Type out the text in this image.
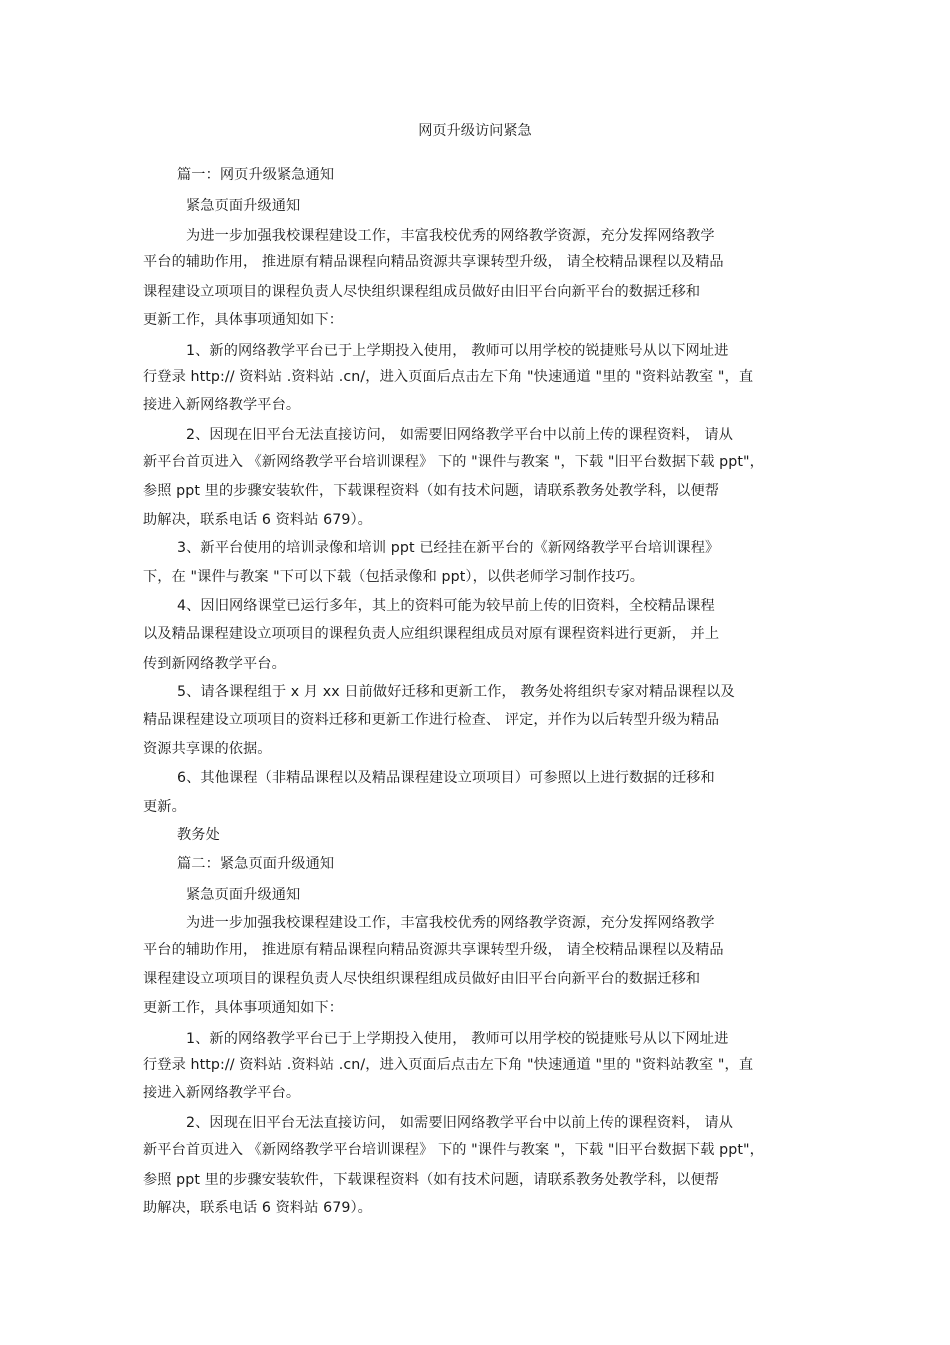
网页升级访问紧急
篇一：网页升级紧急通知
紧急页面升级通知
为进一步加强我校课程建设工作，丰富我校优秀的网络教学资源，充分发挥网络教学
平台的辅助作用， 推进原有精品课程向精品资源共享课转型升级， 请全校精品课程以及精品
课程建设立项项目的课程负责人尽快组织课程组成员做好由旧平台向新平台的数据迁移和
更新工作，具体事项通知如下：
1、新的网络教学平台已于上学期投入使用， 教师可以用学校的锐捷账号从以下网址进
行登录 http:// 资料站 .资料站 .cn/，进入页面后点击左下角 "快速通道 "里的 "资料站教室 "，直
接进入新网络教学平台。
2、因现在旧平台无法直接访问， 如需要旧网络教学平台中以前上传的课程资料， 请从
新平台首页进入 《新网络教学平台培训课程》 下的 "课件与教案 "，下载 "旧平台数据下载 ppt"，
参照 ppt 里的步骤安装软件，下载课程资料（如有技术问题，请联系教务处教学科，以便帮
助解决，联系电话 6 资料站 679）。
3、新平台使用的培训录像和培训 ppt 已经挂在新平台的《新网络教学平台培训课程》
下，在 "课件与教案 "下可以下载（包括录像和 ppt），以供老师学习制作技巧。
4、因旧网络课堂已运行多年，其上的资料可能为较早前上传的旧资料，全校精品课程
以及精品课程建设立项项目的课程负责人应组织课程组成员对原有课程资料进行更新， 并上
传到新网络教学平台。
5、请各课程组于 x 月 xx 日前做好迁移和更新工作， 教务处将组织专家对精品课程以及
精品课程建设立项项目的资料迁移和更新工作进行检查、 评定，并作为以后转型升级为精品
资源共享课的依据。
6、其他课程（非精品课程以及精品课程建设立项项目）可参照以上进行数据的迁移和
更新。
教务处
篇二：紧急页面升级通知
紧急页面升级通知
为进一步加强我校课程建设工作，丰富我校优秀的网络教学资源，充分发挥网络教学
平台的辅助作用， 推进原有精品课程向精品资源共享课转型升级， 请全校精品课程以及精品
课程建设立项项目的课程负责人尽快组织课程组成员做好由旧平台向新平台的数据迁移和
更新工作，具体事项通知如下：
1、新的网络教学平台已于上学期投入使用， 教师可以用学校的锐捷账号从以下网址进
行登录 http:// 资料站 .资料站 .cn/，进入页面后点击左下角 "快速通道 "里的 "资料站教室 "，直
接进入新网络教学平台。
2、因现在旧平台无法直接访问， 如需要旧网络教学平台中以前上传的课程资料， 请从
新平台首页进入 《新网络教学平台培训课程》 下的 "课件与教案 "，下载 "旧平台数据下载 ppt"，
参照 ppt 里的步骤安装软件，下载课程资料（如有技术问题，请联系教务处教学科，以便帮
助解决，联系电话 6 资料站 679）。
